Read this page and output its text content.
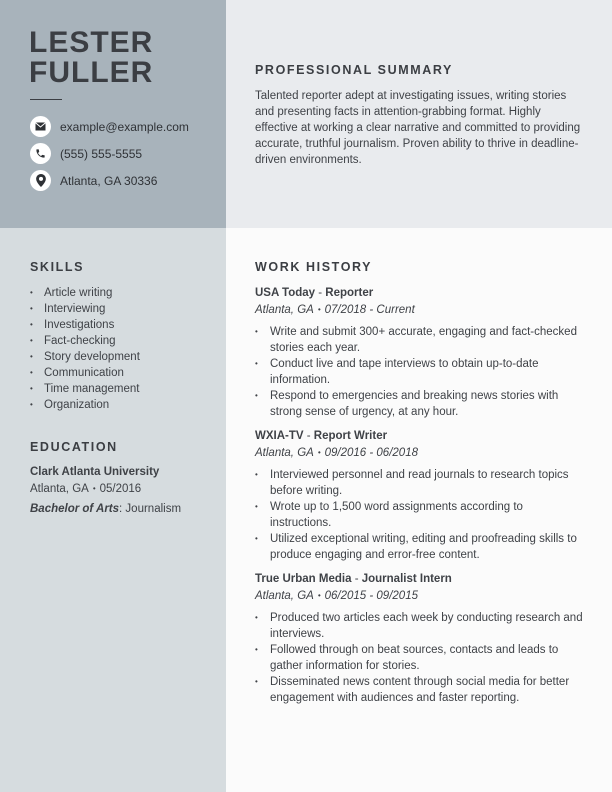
LESTER
FULLER
example@example.com
(555) 555-5555
Atlanta, GA 30336
PROFESSIONAL SUMMARY
Talented reporter adept at investigating issues, writing stories and presenting facts in attention-grabbing format. Highly effective at working a clear narrative and committed to providing accurate, truthful journalism. Proven ability to thrive in deadline-driven environments.
SKILLS
• Article writing
• Interviewing
• Investigations
• Fact-checking
• Story development
• Communication
• Time management
• Organization
EDUCATION
Clark Atlanta University
Atlanta, GA • 05/2016
Bachelor of Arts: Journalism
WORK HISTORY
USA Today - Reporter
Atlanta, GA • 07/2018 - Current
• Write and submit 300+ accurate, engaging and fact-checked stories each year.
• Conduct live and tape interviews to obtain up-to-date information.
• Respond to emergencies and breaking news stories with strong sense of urgency, at any hour.
WXIA-TV - Report Writer
Atlanta, GA • 09/2016 - 06/2018
• Interviewed personnel and read journals to research topics before writing.
• Wrote up to 1,500 word assignments according to instructions.
• Utilized exceptional writing, editing and proofreading skills to produce engaging and error-free content.
True Urban Media - Journalist Intern
Atlanta, GA • 06/2015 - 09/2015
• Produced two articles each week by conducting research and interviews.
• Followed through on beat sources, contacts and leads to gather information for stories.
• Disseminated news content through social media for better engagement with audiences and faster reporting.
